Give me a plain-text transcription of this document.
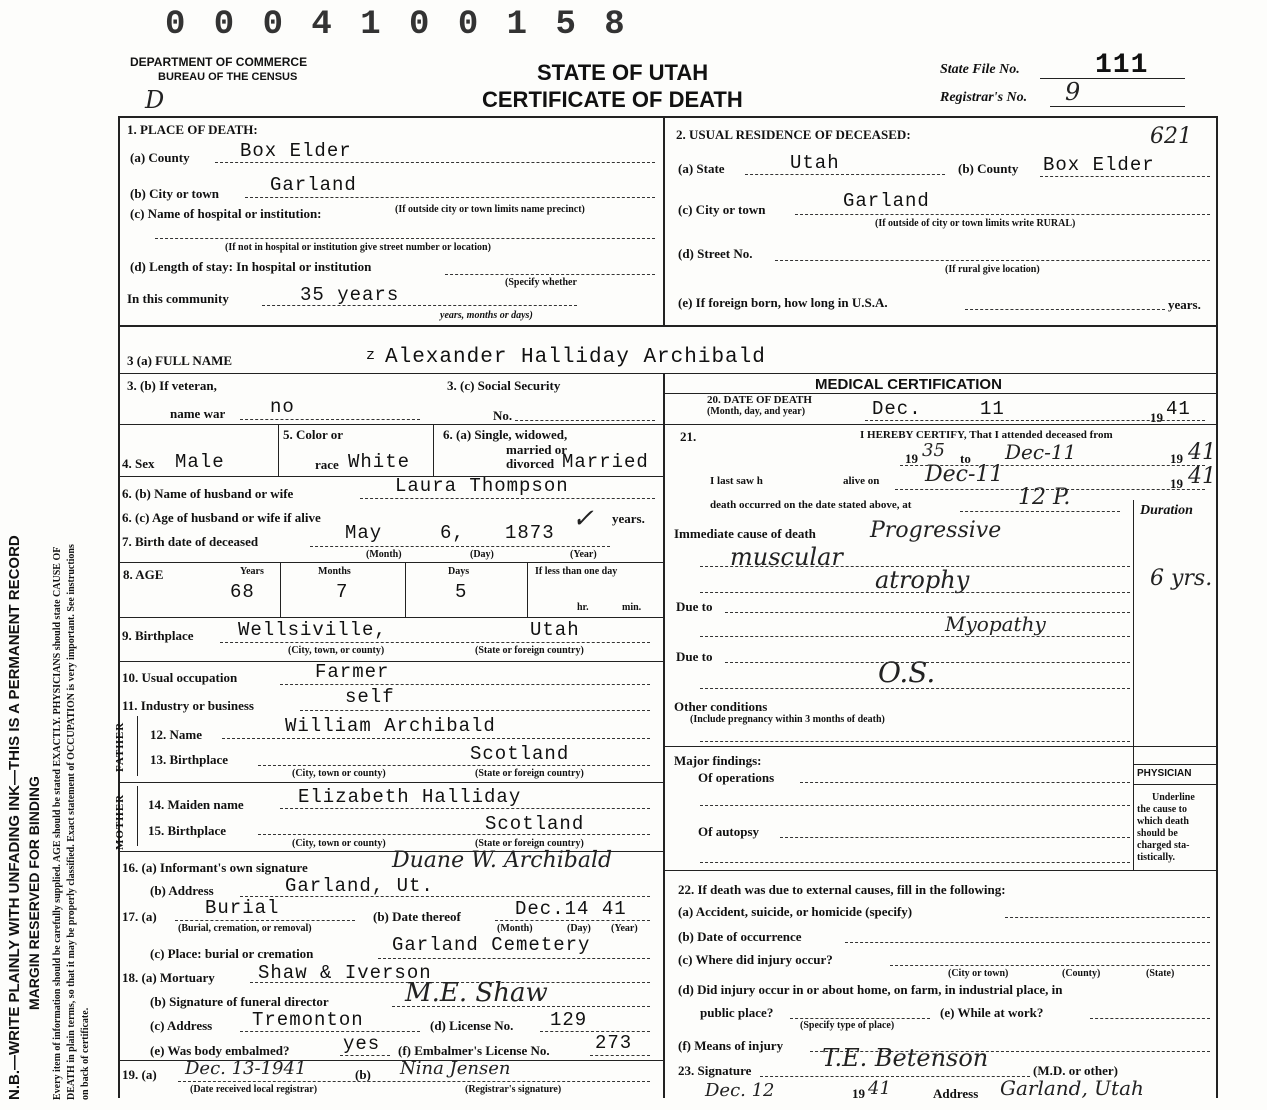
N.B.—WRITE PLAINLY WITH UNFADING INK—THIS IS A PERMANENT RECORD MARGIN RESERVED FOR BINDING Every item of information should be carefully supplied. AGE should be stated EXACTLY. PHYSICIANS should state CAUSE OF DEATH in plain terms, so that it may be properly classified. Exact statement of OCCUPATION is very important. See instructions on back of certificate.
0 0 0 4 1 0 0 1 5 8
DEPARTMENT OF COMMERCE
BUREAU OF THE CENSUS
D
STATE OF UTAH
CERTIFICATE OF DEATH
State File No.	111
Registrar's No. 9
1. PLACE OF DEATH:
(a) County	Box Elder
(b) City or town	Garland
(c) Name of hospital or institution:	(If outside city or town limits name precinct)
(If not in hospital or institution give street number or location)
(d) Length of stay: In hospital or institution
(Specify whether
In this community	35 years
years, months or days)
2. USUAL RESIDENCE OF DECEASED:	621
(a) State	Utah	(b) County Box Elder
(c) City or town	Garland
(If outside of city or town limits write RURAL)
(d) Street No.
(If rural give location)
(e) If foreign born, how long in U.S.A.	years.
3 (a) FULL NAME	z Alexander Halliday Archibald
3. (b) If veteran,
name war no
3. (c) Social Security
No.
5. Color or	6. (a) Single, widowed,
married or
divorced
4. Sex Male	race White	Married
6. (b) Name of husband or wife	Laura Thompson
6. (c) Age of husband or wife if alive	years.
7. Birth date of deceased	May	6, 1873 ✓
(Month)	(Day)	(Year)
8. AGE	Years	Months	Days	If less than one day
68	7	5
hr.	min.
9. Birthplace Wellsiville,	Utah
(City, town, or county)	(State or foreign country)
10. Usual occupation	Farmer
11. Industry or business	self
FATHER 12. Name	William Archibald
13. Birthplace	Scotland
(City, town or county)	(State or foreign country)
MOTHER 14. Maiden name	Elizabeth Halliday
15. Birthplace	Scotland
(City, town or county)	(State or foreign country)
16. (a) Informant's own signature	Duane W. Archibald
(b) Address	Garland, Ut.
17. (a)	Burial
(Burial, cremation, or removal)
(b) Date thereof	Dec.14 41
(Month)	(Day) (Year)
(c) Place: burial or cremation	Garland Cemetery
18. (a) Mortuary Shaw & Iverson
(b) Signature of funeral director	M.E. Shaw
(c) Address Tremonton	(d) License No. 129
(e) Was body embalmed?	yes (f) Embalmer's License No. 273
19. (a) Dec. 13-1941	(b) Nina Jensen
(Date received local registrar)	(Registrar's signature)
MEDICAL CERTIFICATION
20. DATE OF DEATH
(Month, day, and year)	Dec.	11	19 41
21.	I HEREBY CERTIFY, That I attended deceased from
19 35 to Dec-11	19 41
I last saw h	alive on Dec-11	19 41
death occurred on the date stated above, at	12 P.
Duration
Immediate cause of death Progressive
muscular
atrophy	6 yrs.
Due to
Myopathy
Due to	O.S.
Other conditions
(Include pregnancy within 3 months of death)
Major findings:
Of operations
Of autopsy
PHYSICIAN
Underline
the cause to
which death
should be
charged sta-
tistically.
22. If death was due to external causes, fill in the following:
(a) Accident, suicide, or homicide (specify)
(b) Date of occurrence
(c) Where did injury occur?
(City or town)	(County)	(State)
(d) Did injury occur in or about home, on farm, in industrial place, in
public place?
(Specify type of place)
(e) While at work?
(f) Means of injury
23. Signature	T.E. Betenson	(M.D. or other)
Dec. 12	19 41	Address Garland, Utah
